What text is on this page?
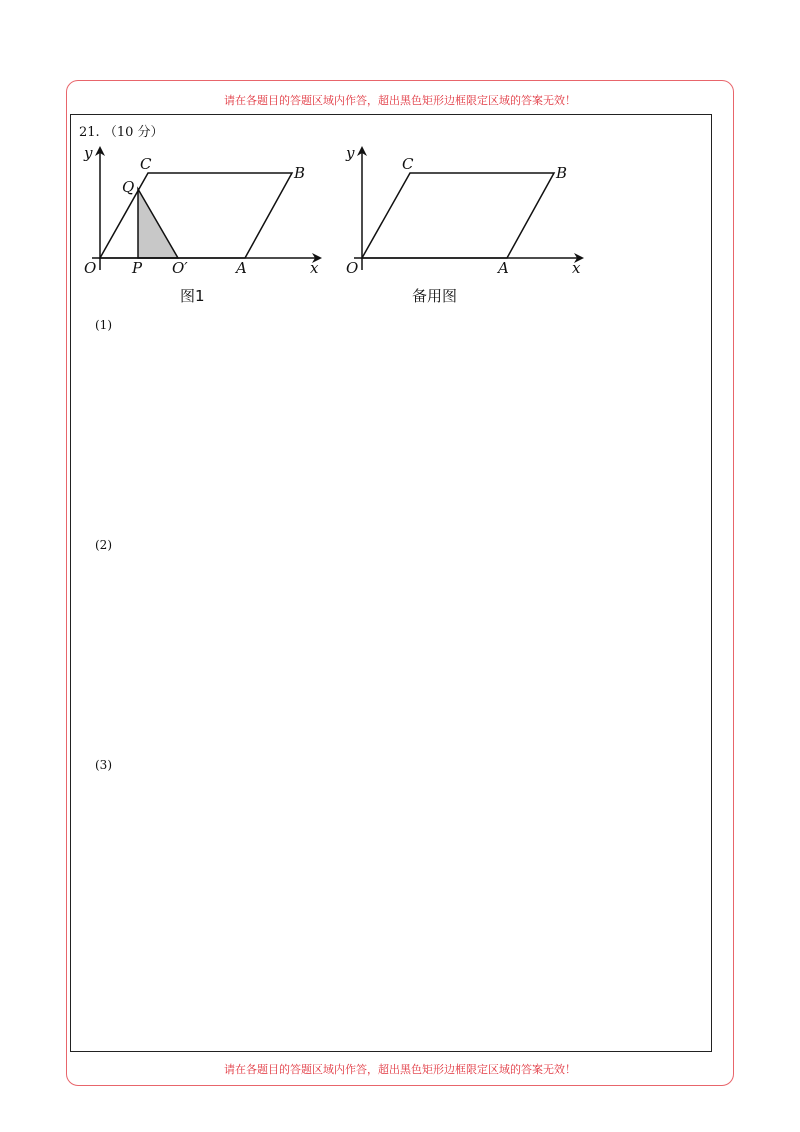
请在各题目的答题区域内作答，超出黑色矩形边框限定区域的答案无效！
请在各题目的答题区域内作答，超出黑色矩形边框限定区域的答案无效！
21. （10 分）
y
C	B
Q
O P O′	A	x
图1
y
C	B
O	A	x
备用图
(1)
(2)
(3)
